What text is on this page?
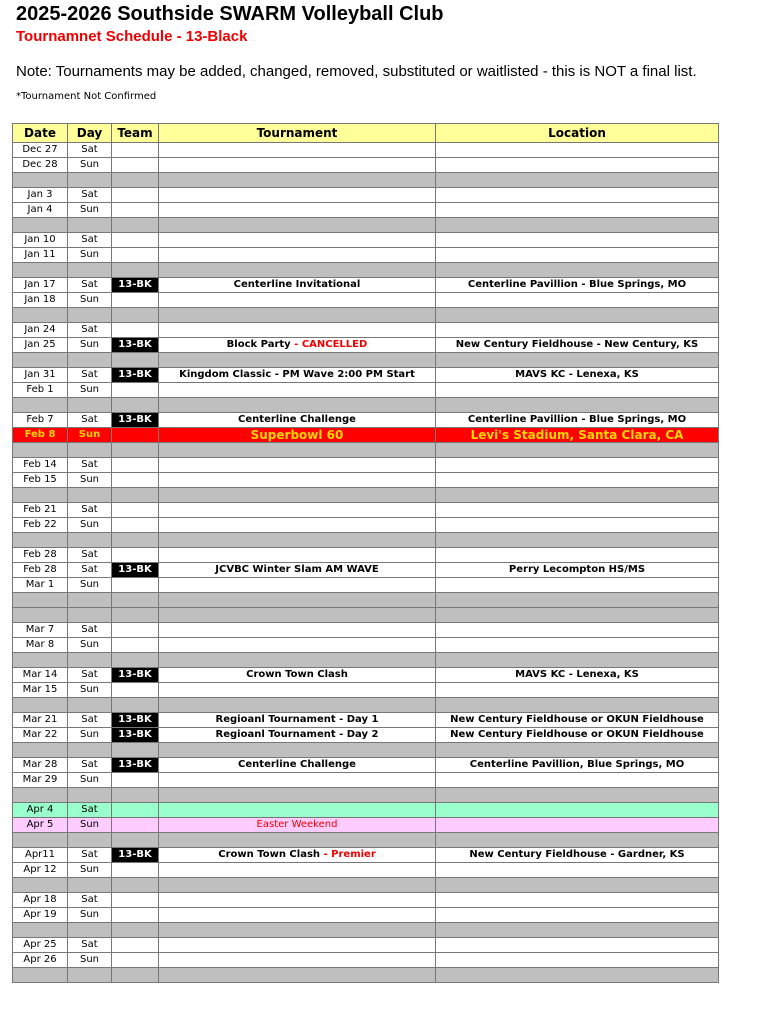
2025-2026 Southside SWARM Volleyball Club
Tournamnet Schedule - 13-Black
Note: Tournaments may be added, changed, removed, substituted or waitlisted - this is NOT a final list.
*Tournament Not Confirmed
Date	Day	Team	Tournament	Location
Dec 27	Sat			
Dec 28	Sun			

Jan 3	Sat			
Jan 4	Sun			

Jan 10	Sat			
Jan 11	Sun			

Jan 17	Sat	13-BK	Centerline Invitational	Centerline Pavillion - Blue Springs, MO
Jan 18	Sun			

Jan 24	Sat			
Jan 25	Sun	13-BK	Block Party - CANCELLED	New Century Fieldhouse - New Century, KS

Jan 31	Sat	13-BK	Kingdom Classic - PM Wave 2:00 PM Start	MAVS KC - Lenexa, KS
Feb 1	Sun			

Feb 7	Sat	13-BK	Centerline Challenge	Centerline Pavillion - Blue Springs, MO
Feb 8	Sun		Superbowl 60	Levi's Stadium, Santa Clara, CA

Feb 14	Sat			
Feb 15	Sun			

Feb 21	Sat			
Feb 22	Sun			

Feb 28	Sat			
Feb 28	Sat	13-BK	JCVBC Winter Slam AM WAVE	Perry Lecompton HS/MS
Mar 1	Sun			

Mar 7	Sat			
Mar 8	Sun			

Mar 14	Sat	13-BK	Crown Town Clash	MAVS KC - Lenexa, KS
Mar 15	Sun			

Mar 21	Sat	13-BK	Regioanl Tournament - Day 1	New Century Fieldhouse or OKUN Fieldhouse
Mar 22	Sun	13-BK	Regioanl Tournament - Day 2	New Century Fieldhouse or OKUN Fieldhouse

Mar 28	Sat	13-BK	Centerline Challenge	Centerline Pavillion, Blue Springs, MO
Mar 29	Sun			

Apr 4	Sat			
Apr 5	Sun		Easter Weekend	

Apr11	Sat	13-BK	Crown Town Clash - Premier	New Century Fieldhouse - Gardner, KS
Apr 12	Sun			

Apr 18	Sat			
Apr 19	Sun			

Apr 25	Sat			
Apr 26	Sun			
